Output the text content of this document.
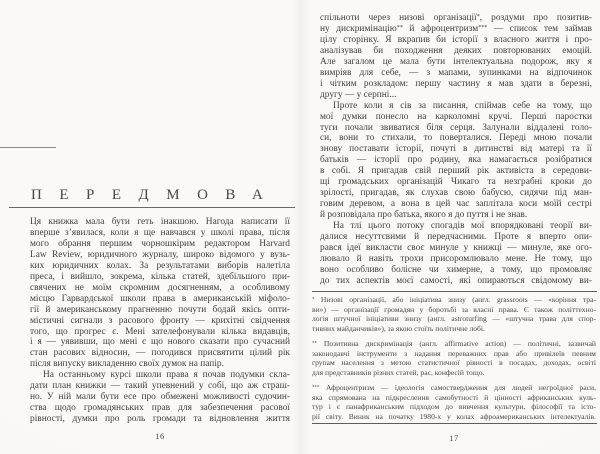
ПЕРЕДМОВА
Ця книжка мала бути геть інакшою. Нагода написати її
вперше з’явилася, коли я ще навчався у школі права, після
мого обрання першим чорношкірим редактором Harvard
Law Review, юридичного журналу, широко відомого у вузь-
ких юридичних колах. За результатами виборів налетіла
преса, і вийшло, зокрема, кілька статей, здебільшого при-
свячених не моїм скромним досягненням, а особливому
місцю Гарвардської школи права в американській міфоло-
гії й американському прагненню почути бодай якісь опти-
містичні сигнали з расового фронту — крихітні свідчення
того, що прогрес є. Мені зателефонували кілька видавців,
і я — уявивши, що мені є що нового сказати про сучасний
стан расових відносин, — погодився присвятити цілий рік
після випуску викладенню своїх думок на папір.
На останньому курсі школи права я почав подумки скла-
дати план книжки — такий упевнений у собі, що аж страш-
но. У ній мали бути есе про обмежені можливості судочин-
ства щодо громадянських прав для забезпечення расової
рівності, думки про роль громади та відновлення життя
16
спільноти через низові організації*, роздуми про позитив-
ну дискримінацію** й афроцентризм*** — список тем займав
цілу сторінку. Я вкрапив би історії з власного життя і про-
аналізував би походження деяких повторюваних емоцій.
Але загалом це мала бути інтелектуальна подорож, яку я
вимріяв для себе, — з мапами, зупинками на відпочинок
і чітким розкладом: першу частину я мав здати в березні,
другу — у серпні...
Проте коли я сів за писання, спіймав себе на тому, що
мої думки понесло на карколомні кручі. Перші паростки
туги почали звиватися біля серця. Залунали віддалені голо-
си, вони то стихали, то поверталися. Переді мною почали
знову поставати історії, почуті в дитинстві від матері та її
батьків — історії про родину, яка намагається розібратися
в собі. Я пригадав свій перший рік активіста в середови-
щі громадських організацій Чикаго та незграбні кроки до
зрілості, пригадав, як слухав свою бабусю, сидячи під ман-
говим деревом, а вона в цей час заплітала коси моїй сестрі
й розповідала про батька, якого я до пуття і не знав.
На тлі цього потоку спогадів мої впорядковані теорії ви-
далися несуттєвими й передчасними. Проте я вперто опи-
рався ідеї викласти своє минуле у книжці — минуле, яке ого-
лювало й навіть трохи присоромлювало мене. Не тому, що
воно особливо болісне чи химерне, а тому, що промовляє
до тих аспектів моєї самості, які опираються свідомому ви-
* Низові організації, або ініціатива знизу (англ. grassroots — «коріння тра-
ви») — організації громадян у боротьбі за власні права. Є також політтехно-
логія штучної ініціативи знизу (англ. astroturfing — «штучна трава для спор-
тивних майданчиків»), за якою стоїть політичне лобі.
** Позитивна дискримінація (англ. affirmative action) — політичні, зазвичай
законодавчі інструменти з надання переважних прав або привілеїв певним
групам населення з метою статистичної рівності в посадах, доходах, освіті
для представників різних статей, рас, конфесій тощо.
*** Афроцентризм — ідеологія самоствердження для людей негроїдної раси,
яка спрямована на підкреслення самобутності й цінності африканських куль-
тур і є панафриканським підходом до вивчення культури, філософії та істо-
рії світу. Виник на початку 1980-х у колах афроамериканських інтелектуалів.
17
